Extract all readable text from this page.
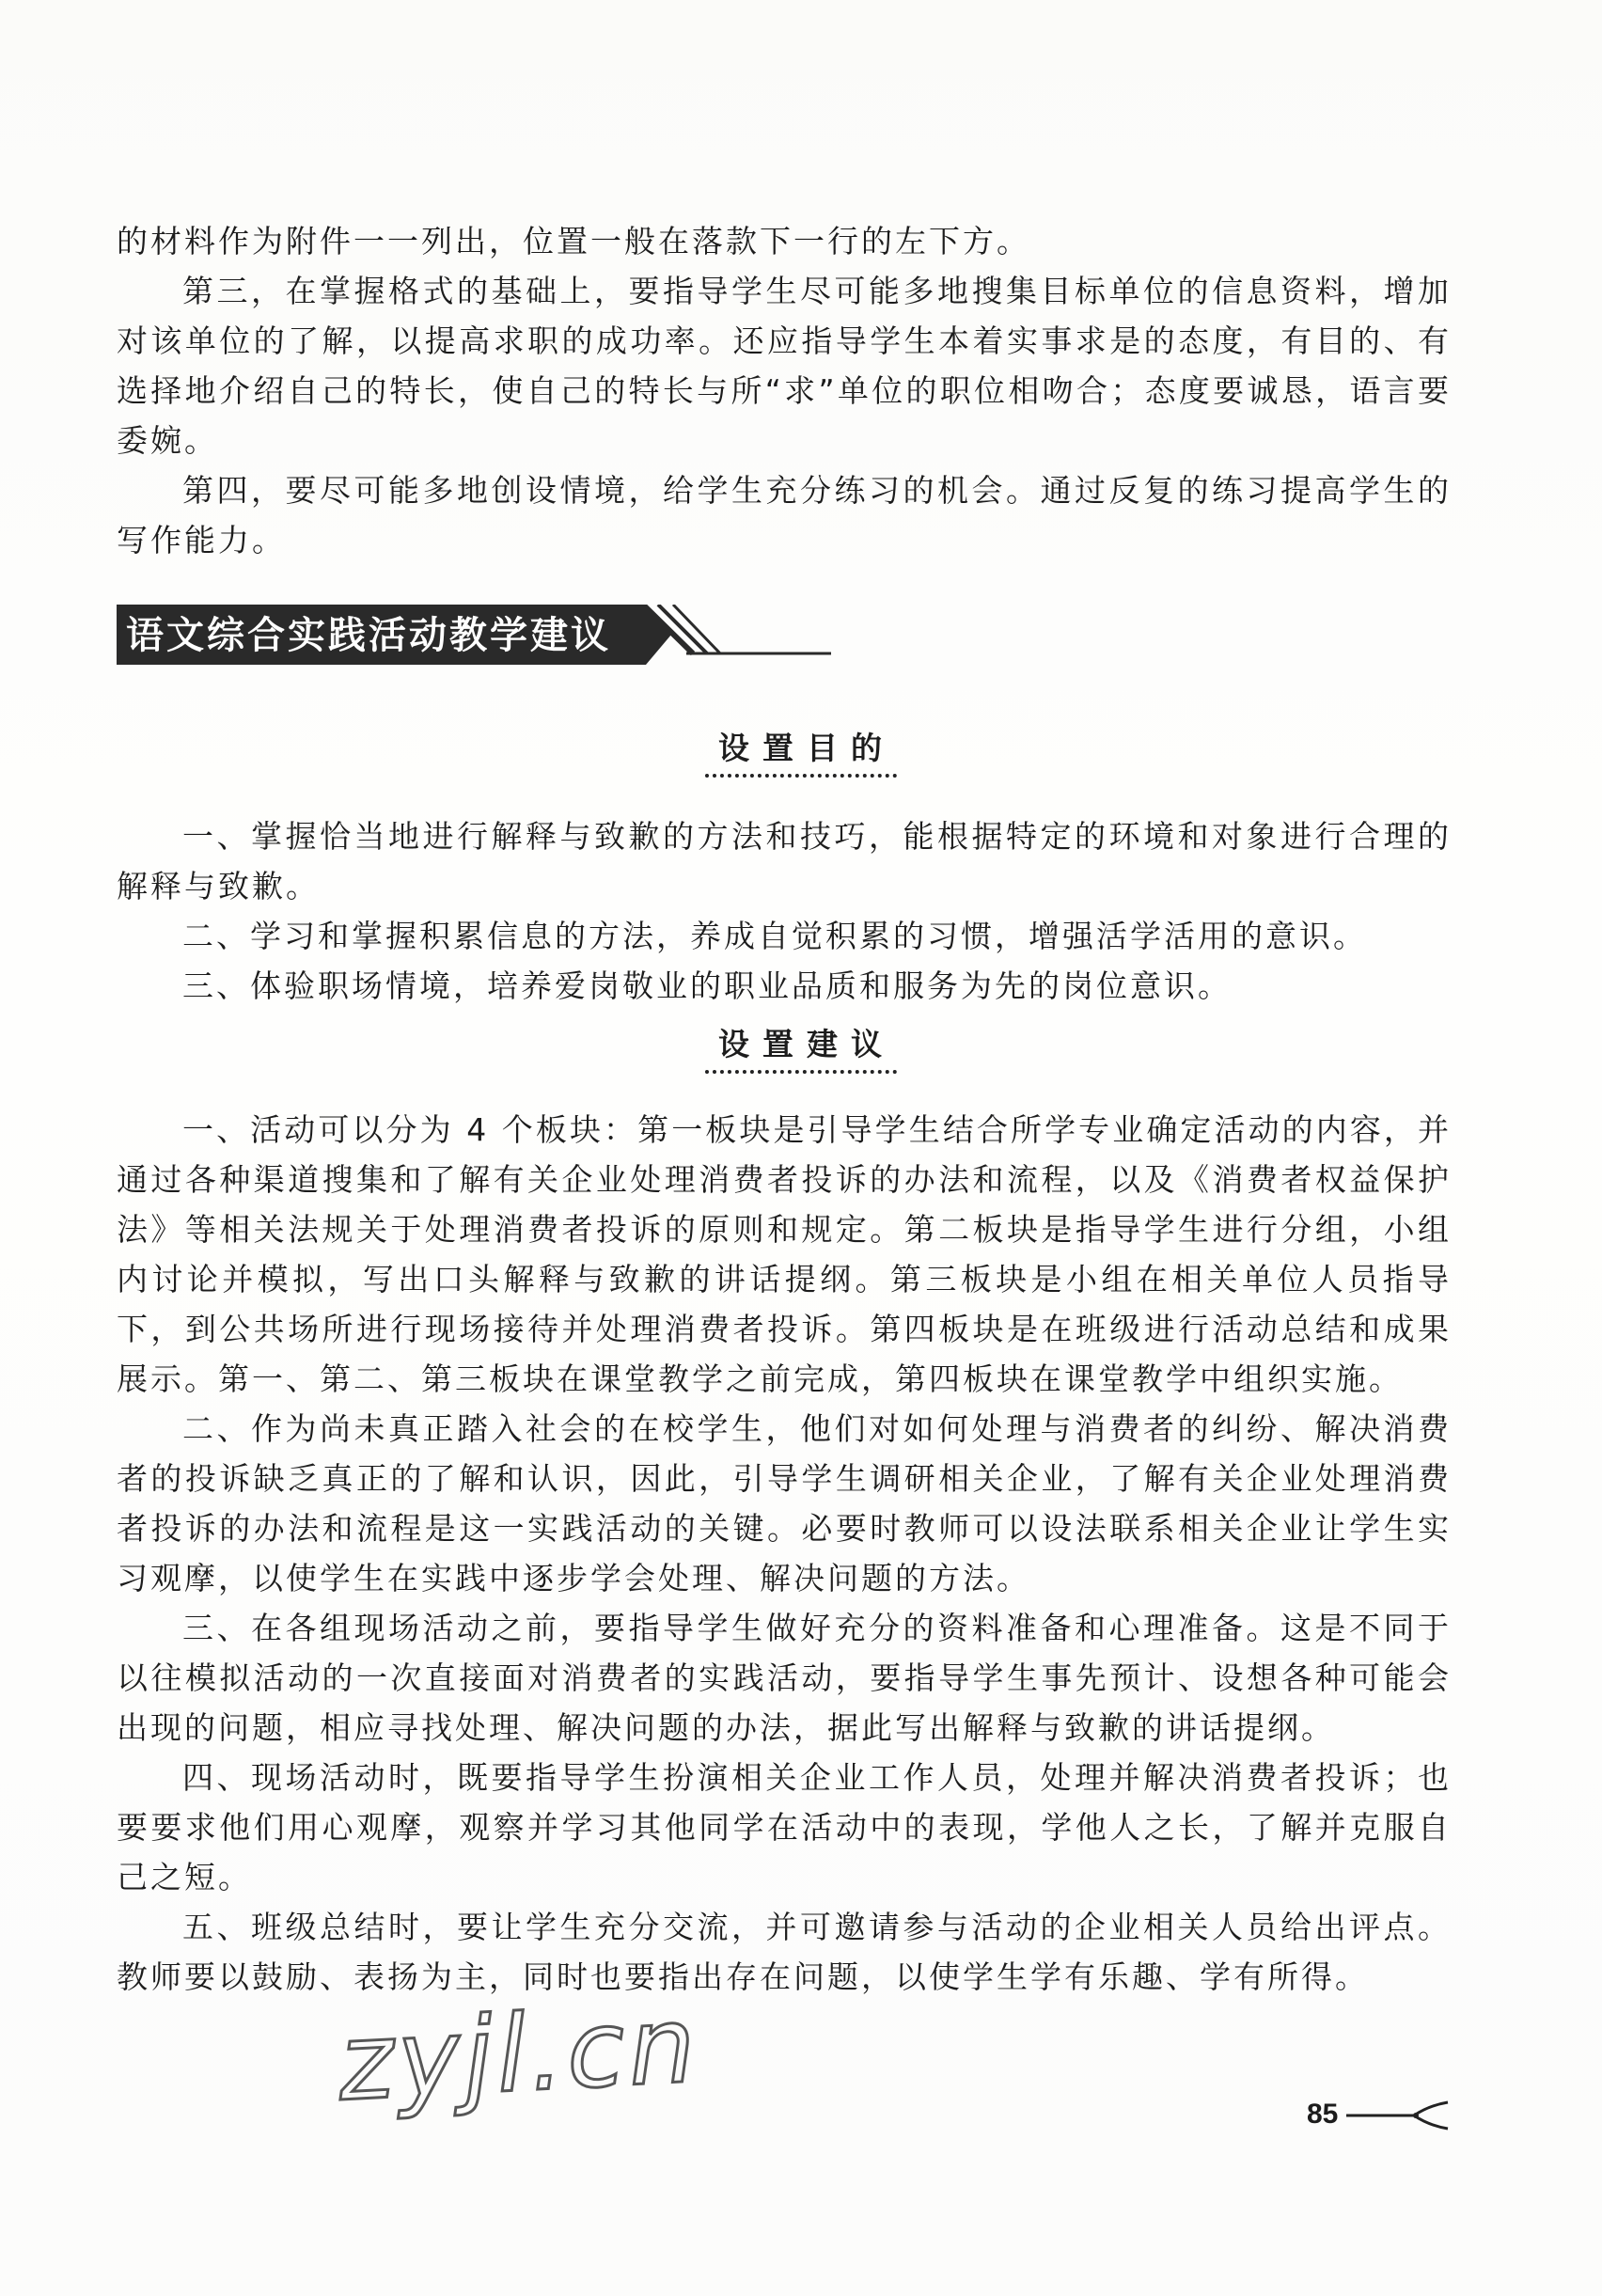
的材料作为附件一一列出，位置一般在落款下一行的左下方。

第三，在掌握格式的基础上，要指导学生尽可能多地搜集目标单位的信息资料，增加对该单位的了解，以提高求职的成功率。还应指导学生本着实事求是的态度，有目的、有选择地介绍自己的特长，使自己的特长与所“求”单位的职位相吻合；态度要诚恳，语言要委婉。

第四，要尽可能多地创设情境，给学生充分练习的机会。通过反复的练习提高学生的写作能力。

语文综合实践活动教学建议
设置目的

一、掌握恰当地进行解释与致歉的方法和技巧，能根据特定的环境和对象进行合理的解释与致歉。

二、学习和掌握积累信息的方法，养成自觉积累的习惯，增强活学活用的意识。

三、体验职场情境，培养爱岗敬业的职业品质和服务为先的岗位意识。

设置建议

一、活动可以分为 4 个板块：第一板块是引导学生结合所学专业确定活动的内容，并通过各种渠道搜集和了解有关企业处理消费者投诉的办法和流程，以及《消费者权益保护法》等相关法规关于处理消费者投诉的原则和规定。第二板块是指导学生进行分组，小组内讨论并模拟，写出口头解释与致歉的讲话提纲。第三板块是小组在相关单位人员指导下，到公共场所进行现场接待并处理消费者投诉。第四板块是在班级进行活动总结和成果展示。第一、第二、第三板块在课堂教学之前完成，第四板块在课堂教学中组织实施。

二、作为尚未真正踏入社会的在校学生，他们对如何处理与消费者的纠纷、解决消费者的投诉缺乏真正的了解和认识，因此，引导学生调研相关企业，了解有关企业处理消费者投诉的办法和流程是这一实践活动的关键。必要时教师可以设法联系相关企业让学生实习观摩，以使学生在实践中逐步学会处理、解决问题的方法。

三、在各组现场活动之前，要指导学生做好充分的资料准备和心理准备。这是不同于以往模拟活动的一次直接面对消费者的实践活动，要指导学生事先预计、设想各种可能会出现的问题，相应寻找处理、解决问题的办法，据此写出解释与致歉的讲话提纲。

四、现场活动时，既要指导学生扮演相关企业工作人员，处理并解决消费者投诉；也要要求他们用心观摩，观察并学习其他同学在活动中的表现，学他人之长，了解并克服自己之短。

五、班级总结时，要让学生充分交流，并可邀请参与活动的企业相关人员给出评点。教师要以鼓励、表扬为主，同时也要指出存在问题，以使学生学有乐趣、学有所得。

zyjl.cn	85
